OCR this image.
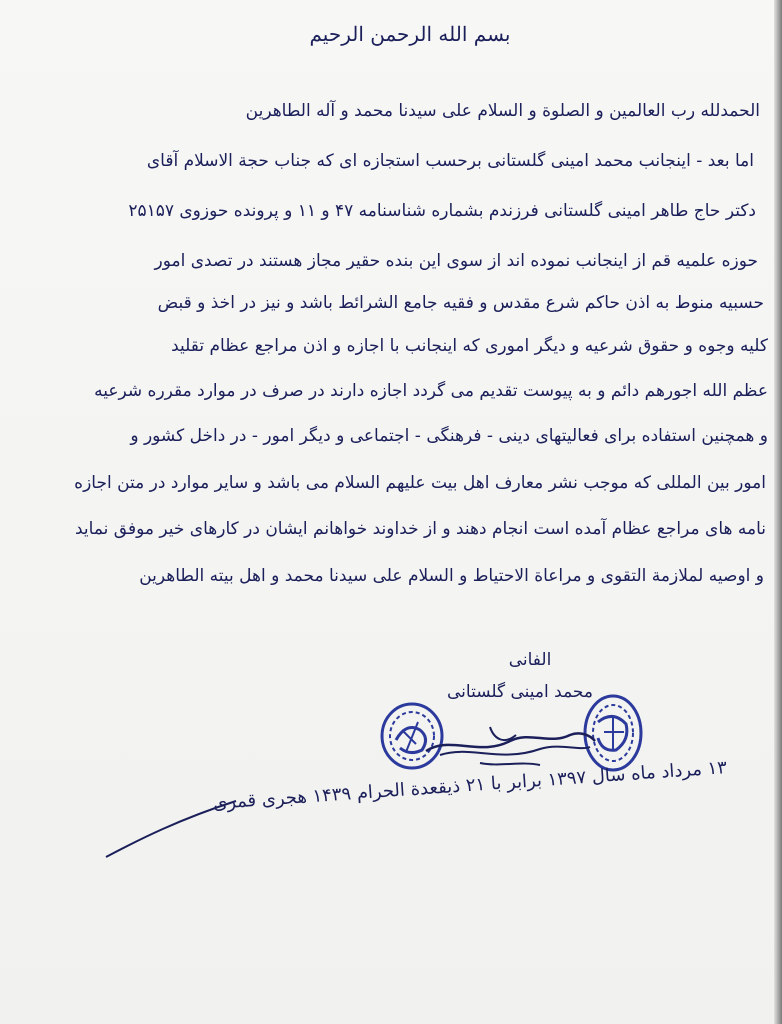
بسم الله الرحمن الرحیم
الحمدلله رب العالمین و الصلوة و السلام علی سیدنا محمد و آله الطاهرین
اما بعد - اینجانب محمد امینی گلستانی برحسب استجازه ای که جناب حجة الاسلام آقای
دکتر حاج طاهر امینی گلستانی فرزندم بشماره شناسنامه ۴۷ و ۱۱ و پرونده حوزوی ۲۵۱۵۷
حوزه علمیه قم از اینجانب نموده اند از سوی این بنده حقیر مجاز هستند در تصدی امور
حسبیه منوط به اذن حاکم شرع مقدس و فقیه جامع الشرائط باشد و نیز در اخذ و قبض
کلیه وجوه و حقوق شرعیه و دیگر اموری که اینجانب با اجازه و اذن مراجع عظام تقلید
عظم الله اجورهم دائم و به پیوست تقدیم می گردد اجازه دارند در صرف در موارد مقرره شرعیه
و همچنین استفاده برای فعالیتهای دینی - فرهنگی - اجتماعی و دیگر امور - در داخل کشور و
امور بین المللی که موجب نشر معارف اهل بیت علیهم السلام می باشد و سایر موارد در متن اجازه
نامه های مراجع عظام آمده است انجام دهند و از خداوند خواهانم ایشان در کارهای خیر موفق نماید
و اوصیه لملازمة التقوی و مراعاة الاحتیاط و السلام علی سیدنا محمد و اهل بیته الطاهرین
الفانی
محمد امینی گلستانی
۱۳ مرداد ماه سال ۱۳۹۷ برابر با ۲۱ ذیقعدة الحرام ۱۴۳۹ هجری قمری
